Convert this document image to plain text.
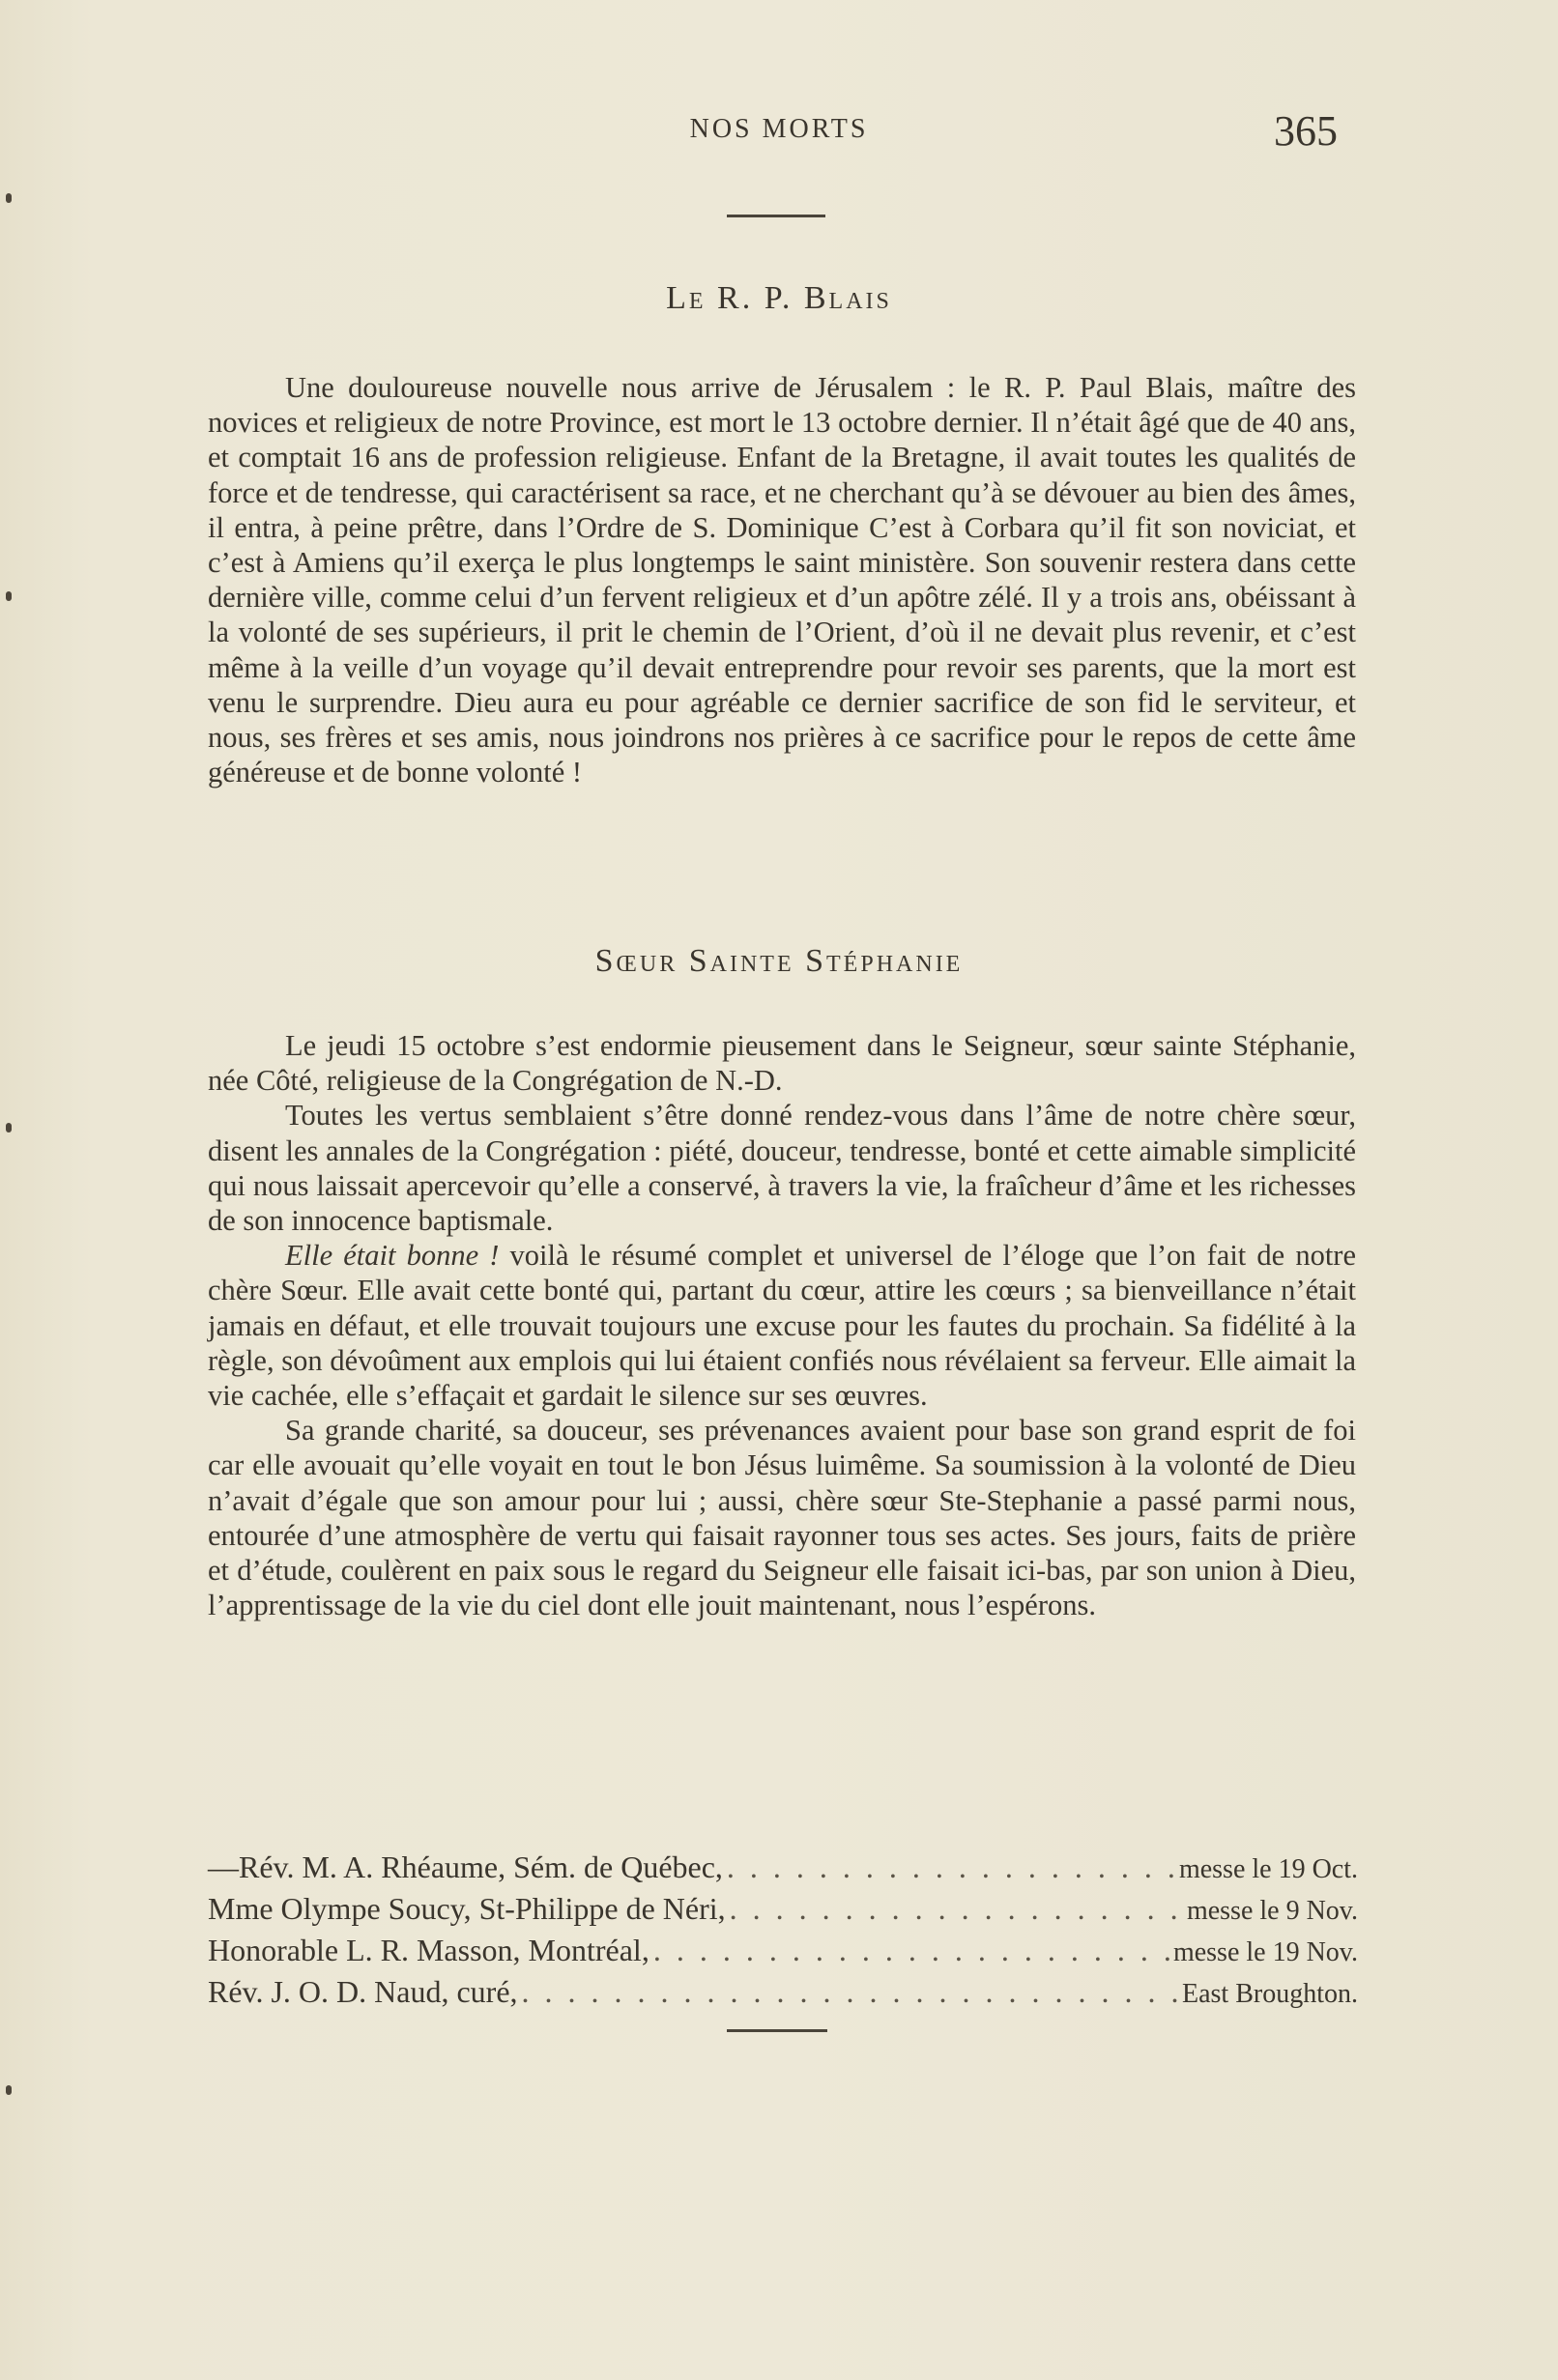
NOS MORTS	365
Le R. P. Blais

Une douloureuse nouvelle nous arrive de Jérusalem : le R. P. Paul Blais, maître des novices et religieux de notre Province, est mort le 13 octobre dernier. Il n’était âgé que de 40 ans, et comptait 16 ans de profession religieuse. Enfant de la Bretagne, il avait toutes les qualités de force et de tendresse, qui caractérisent sa race, et ne cherchant qu’à se dévouer au bien des âmes, il entra, à peine prêtre, dans l’Ordre de S. Dominique C’est à Corbara qu’il fit son noviciat, et c’est à Amiens qu’il exerça le plus longtemps le saint ministère. Son souvenir restera dans cette dernière ville, comme celui d’un fervent religieux et d’un apôtre zélé. Il y a trois ans, obéissant à la volonté de ses supérieurs, il prit le chemin de l’Orient, d’où il ne devait plus revenir, et c’est même à la veille d’un voyage qu’il devait entreprendre pour revoir ses parents, que la mort est venu le surprendre. Dieu aura eu pour agréable ce dernier sacrifice de son fid le serviteur, et nous, ses frères et ses amis, nous joindrons nos prières à ce sacrifice pour le repos de cette âme généreuse et de bonne volonté !

Sœur Sainte Stéphanie

Le jeudi 15 octobre s’est endormie pieusement dans le Seigneur, sœur sainte Stéphanie, née Côté, religieuse de la Congrégation de N.-D.

Toutes les vertus semblaient s’être donné rendez-vous dans l’âme de notre chère sœur, disent les annales de la Congrégation : piété, douceur, tendresse, bonté et cette aimable simplicité qui nous laissait apercevoir qu’elle a conservé, à travers la vie, la fraîcheur d’âme et les richesses de son innocence baptismale.

Elle était bonne ! voilà le résumé complet et universel de l’éloge que l’on fait de notre chère Sœur. Elle avait cette bonté qui, partant du cœur, attire les cœurs ; sa bienveillance n’était jamais en défaut, et elle trouvait toujours une excuse pour les fautes du prochain. Sa fidélité à la règle, son dévoûment aux emplois qui lui étaient confiés nous révélaient sa ferveur. Elle aimait la vie cachée, elle s’effaçait et gardait le silence sur ses œuvres.

Sa grande charité, sa douceur, ses prévenances avaient pour base son grand esprit de foi car elle avouait qu’elle voyait en tout le bon Jésus luimême. Sa soumission à la volonté de Dieu n’avait d’égale que son amour pour lui ; aussi, chère sœur Ste-Stephanie a passé parmi nous, entourée d’une atmosphère de vertu qui faisait rayonner tous ses actes. Ses jours, faits de prière et d’étude, coulèrent en paix sous le regard du Seigneur elle faisait ici-bas, par son union à Dieu, l’apprentissage de la vie du ciel dont elle jouit maintenant, nous l’espérons.

—Rév. M. A. Rhéaume, Sém. de Québec, . . .	messe le 19 Oct.
Mme Olympe Soucy, St-Philippe de Néri, . . .	messe le 9 Nov.
Honorable L. R. Masson, Montréal, . . .	messe le 19 Nov.
Rév. J. O. D. Naud, curé, . . .	East Broughton.
